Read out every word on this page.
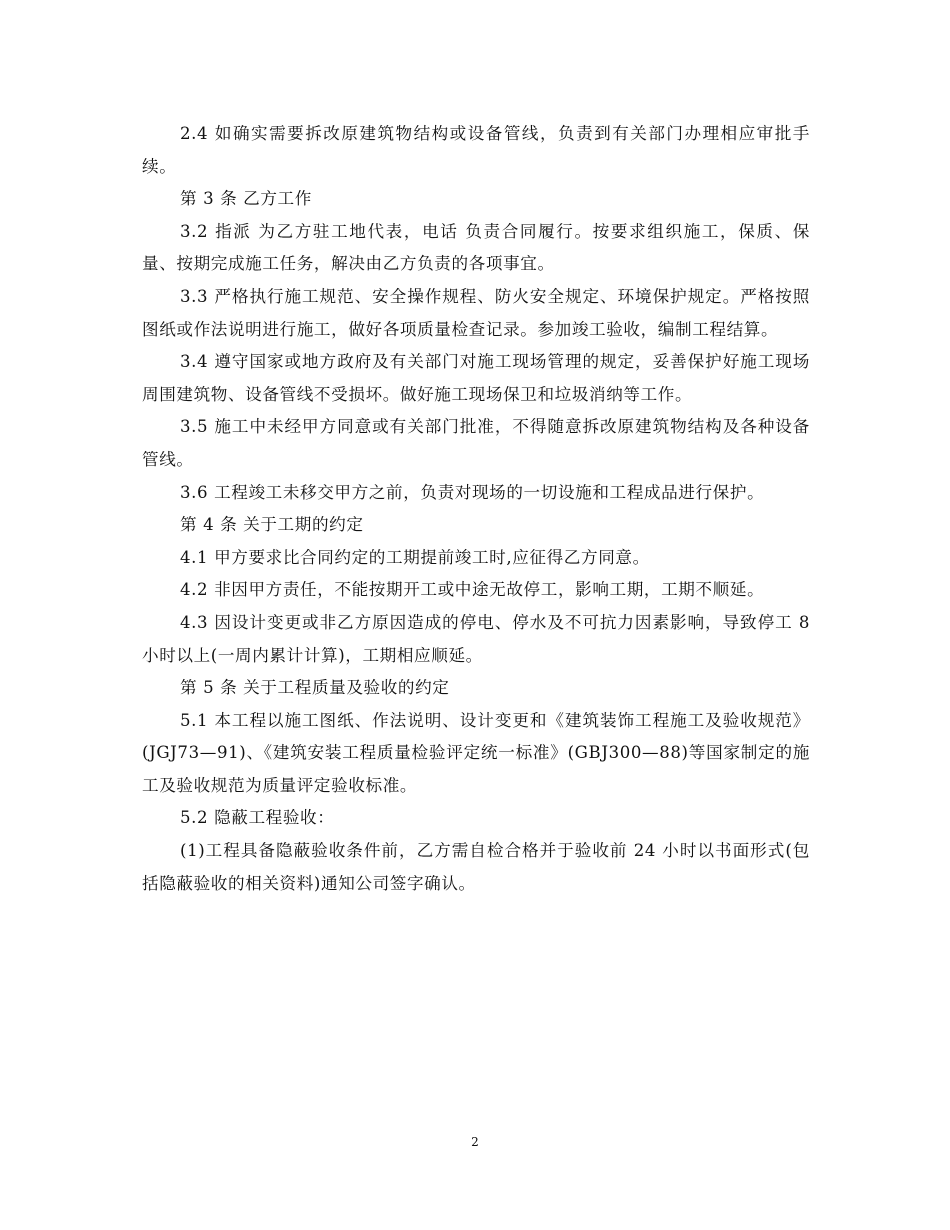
2.4 如确实需要拆改原建筑物结构或设备管线，负责到有关部门办理相应审批手续。

第 3 条 乙方工作

3.2 指派 为乙方驻工地代表，电话 负责合同履行。按要求组织施工，保质、保量、按期完成施工任务，解决由乙方负责的各项事宜。

3.3 严格执行施工规范、安全操作规程、防火安全规定、环境保护规定。严格按照图纸或作法说明进行施工，做好各项质量检查记录。参加竣工验收，编制工程结算。

3.4 遵守国家或地方政府及有关部门对施工现场管理的规定，妥善保护好施工现场周围建筑物、设备管线不受损坏。做好施工现场保卫和垃圾消纳等工作。

3.5 施工中未经甲方同意或有关部门批准，不得随意拆改原建筑物结构及各种设备管线。

3.6 工程竣工未移交甲方之前，负责对现场的一切设施和工程成品进行保护。

第 4 条 关于工期的约定

4.1 甲方要求比合同约定的工期提前竣工时,应征得乙方同意。

4.2 非因甲方责任，不能按期开工或中途无故停工，影响工期，工期不顺延。

4.3 因设计变更或非乙方原因造成的停电、停水及不可抗力因素影响，导致停工 8 小时以上(一周内累计计算)，工期相应顺延。

第 5 条 关于工程质量及验收的约定

5.1 本工程以施工图纸、作法说明、设计变更和《建筑装饰工程施工及验收规范》(JGJ73—91)、《建筑安装工程质量检验评定统一标准》(GBJ300—88)等国家制定的施工及验收规范为质量评定验收标准。

5.2 隐蔽工程验收：

(1)工程具备隐蔽验收条件前，乙方需自检合格并于验收前 24 小时以书面形式(包括隐蔽验收的相关资料)通知公司签字确认。

2
